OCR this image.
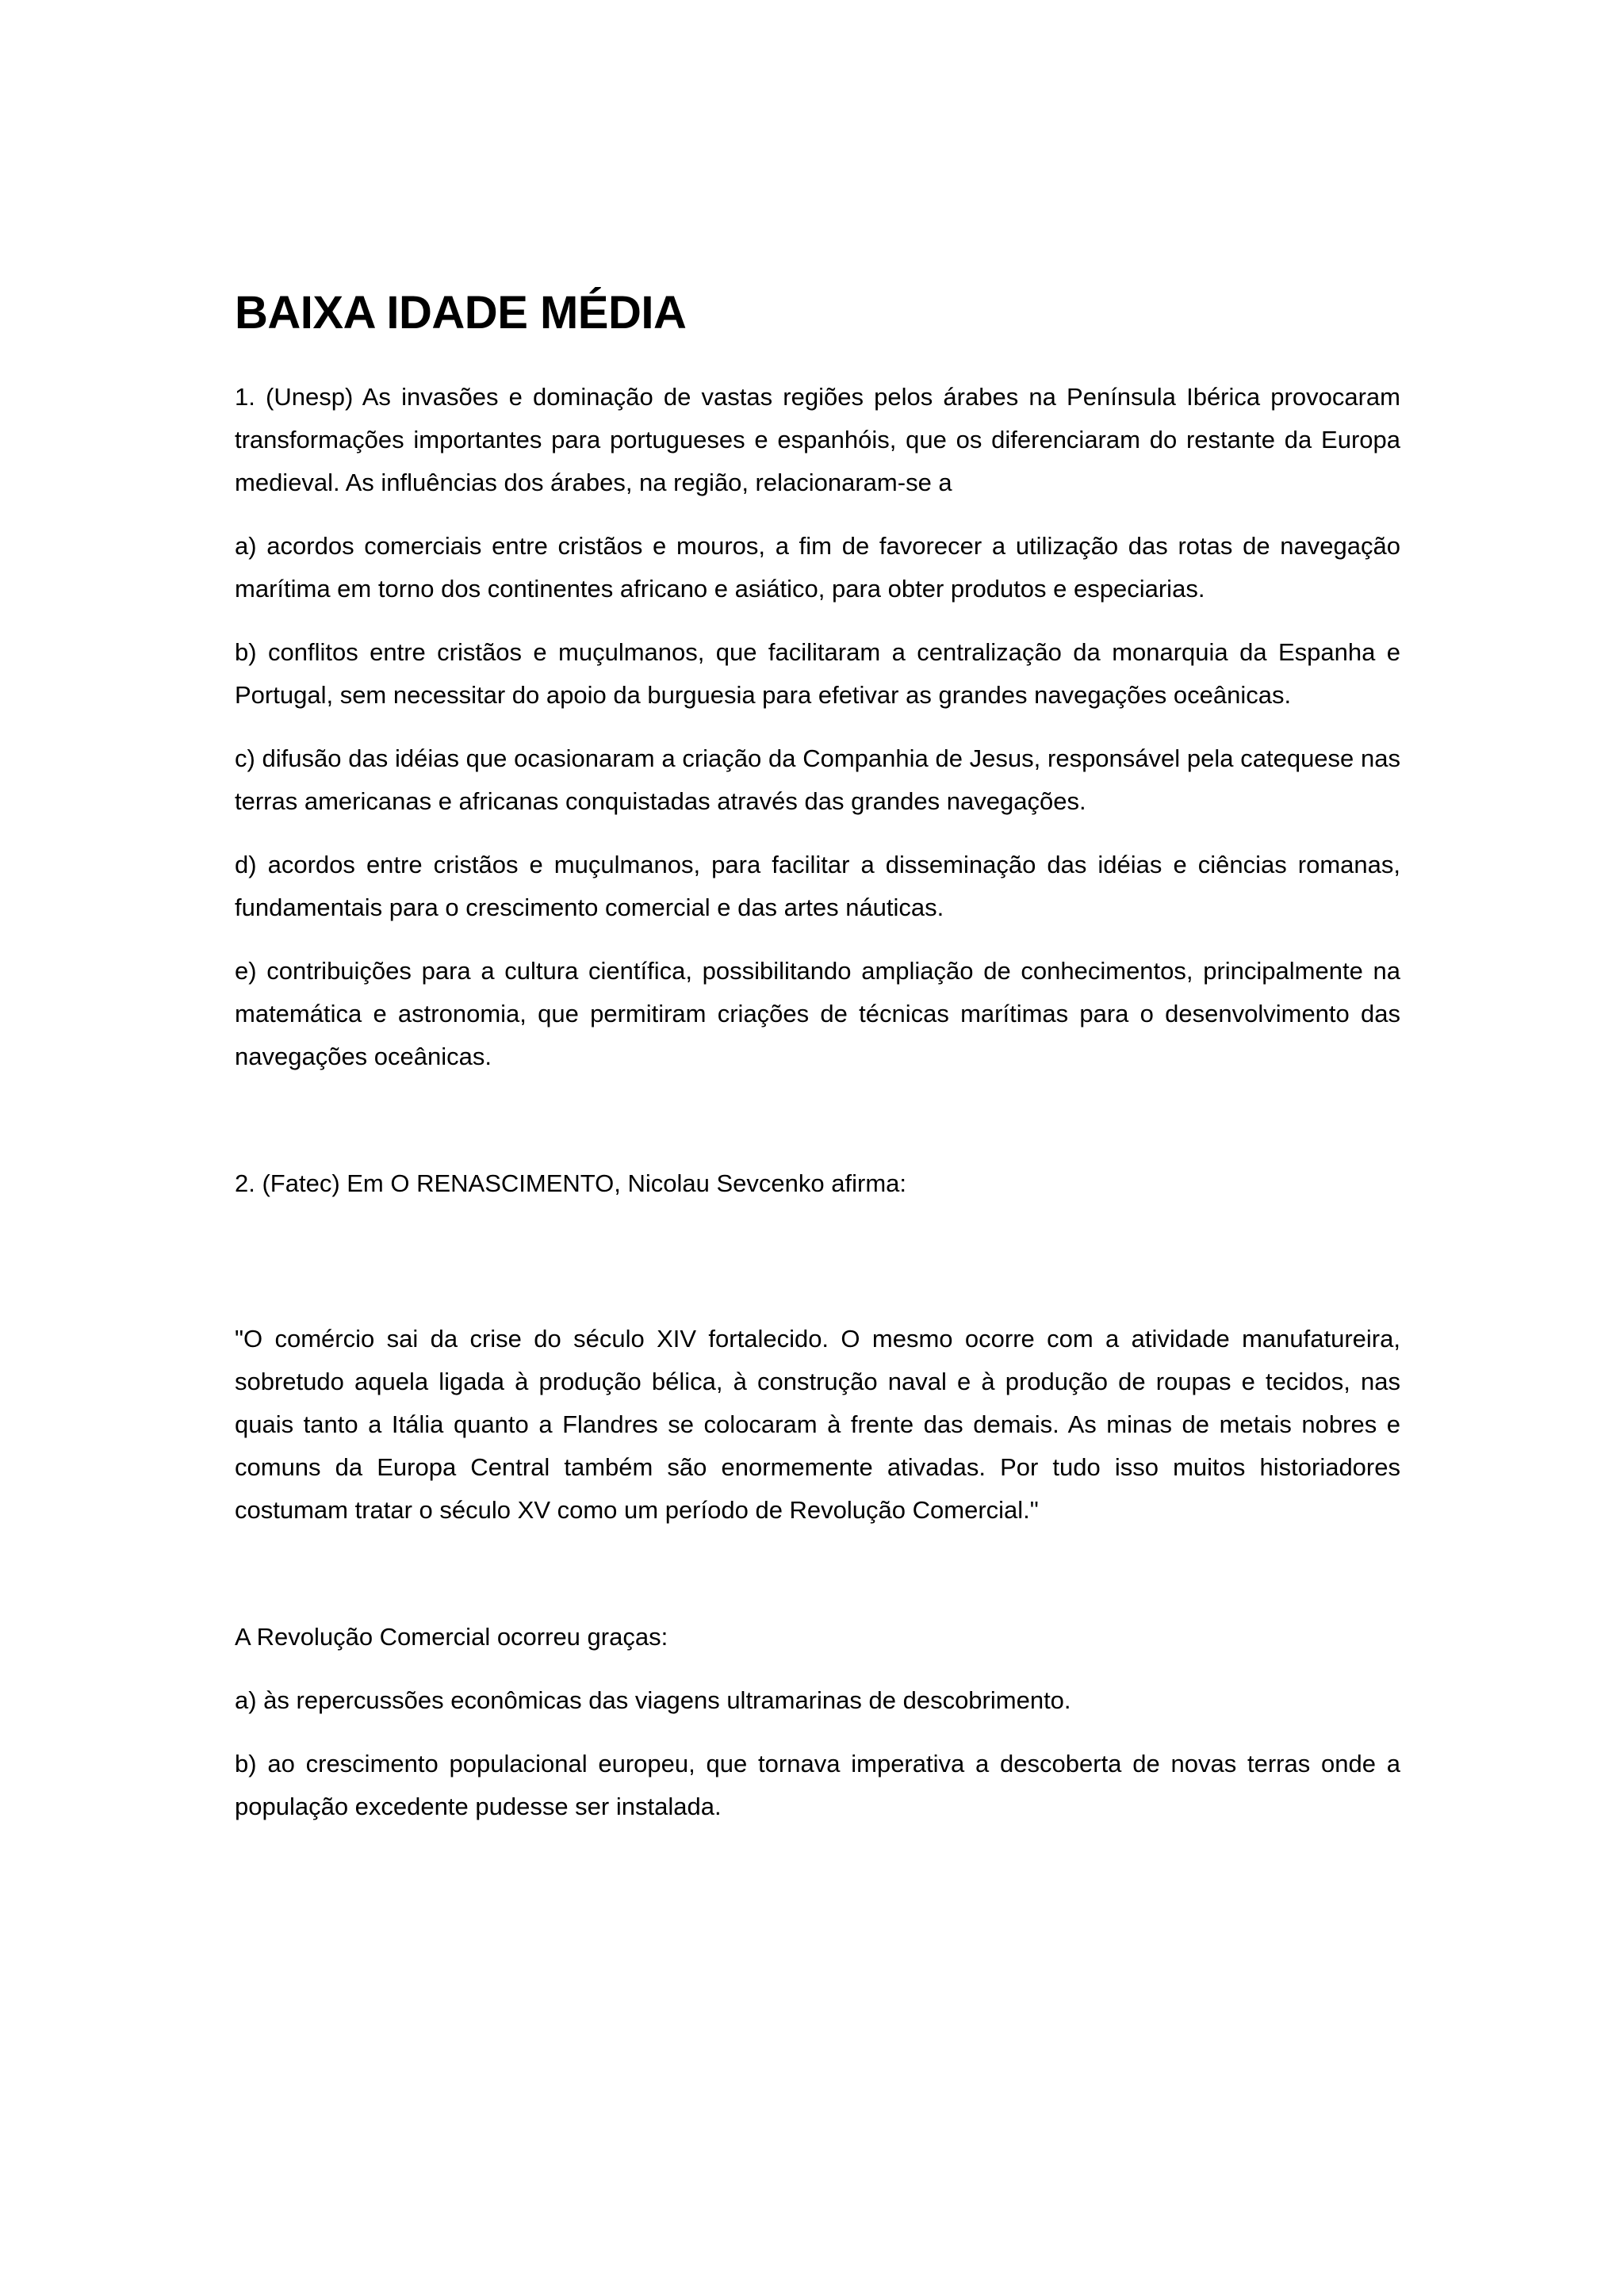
BAIXA IDADE MÉDIA

1. (Unesp) As invasões e dominação de vastas regiões pelos árabes na Península Ibérica provocaram transformações importantes para portugueses e espanhóis, que os diferenciaram do restante da Europa medieval. As influências dos árabes, na região, relacionaram-se a

a) acordos comerciais entre cristãos e mouros, a fim de favorecer a utilização das rotas de navegação marítima em torno dos continentes africano e asiático, para obter produtos e especiarias.

b) conflitos entre cristãos e muçulmanos, que facilitaram a centralização da monarquia da Espanha e Portugal, sem necessitar do apoio da burguesia para efetivar as grandes navegações oceânicas.

c) difusão das idéias que ocasionaram a criação da Companhia de Jesus, responsável pela catequese nas terras americanas e africanas conquistadas através das grandes navegações.

d) acordos entre cristãos e muçulmanos, para facilitar a disseminação das idéias e ciências romanas, fundamentais para o crescimento comercial e das artes náuticas.

e) contribuições para a cultura científica, possibilitando ampliação de conhecimentos, principalmente na matemática e astronomia, que permitiram criações de técnicas marítimas para o desenvolvimento das navegações oceânicas.

2. (Fatec) Em O RENASCIMENTO, Nicolau Sevcenko afirma:

"O comércio sai da crise do século XIV fortalecido. O mesmo ocorre com a atividade manufatureira, sobretudo aquela ligada à produção bélica, à construção naval e à produção de roupas e tecidos, nas quais tanto a Itália quanto a Flandres se colocaram à frente das demais. As minas de metais nobres e comuns da Europa Central também são enormemente ativadas. Por tudo isso muitos historiadores costumam tratar o século XV como um período de Revolução Comercial."

A Revolução Comercial ocorreu graças:

a) às repercussões econômicas das viagens ultramarinas de descobrimento.

b) ao crescimento populacional europeu, que tornava imperativa a descoberta de novas terras onde a população excedente pudesse ser instalada.
